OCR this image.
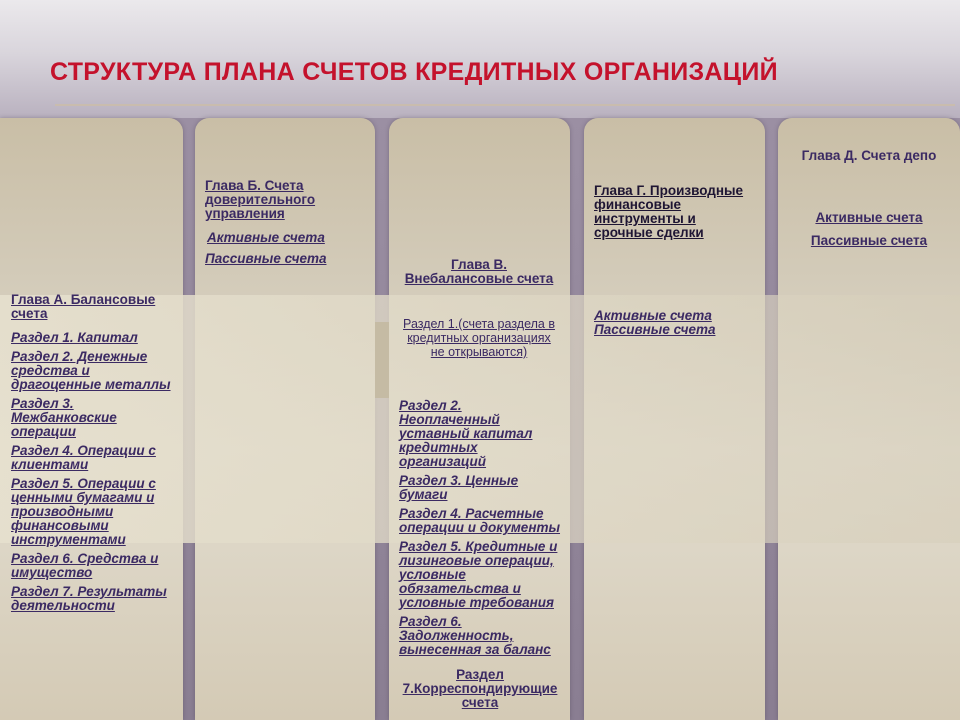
СТРУКТУРА ПЛАНА СЧЕТОВ КРЕДИТНЫХ ОРГАНИЗАЦИЙ
Глава А. Балансовые счета
Раздел 1. Капитал
Раздел 2. Денежные средства и драгоценные металлы
Раздел 3. Межбанковские операции
Раздел 4. Операции с клиентами
Раздел 5. Операции с ценными бумагами и производными финансовыми инструментами
Раздел 6. Средства и имущество
Раздел 7. Результаты деятельности
Глава Б. Счета доверительного управления
Активные счета
Пассивные счета	Глава В. Внебалансовые счета
Раздел 1.(счета раздела в кредитных организациях не открываются)
Раздел 2. Неоплаченный уставный капитал кредитных организаций
Раздел 3. Ценные бумаги
Раздел 4. Расчетные операции и документы
Раздел 5. Кредитные и лизинговые операции, условные обязательства и условные требования
Раздел 6. Задолженность, вынесенная за баланс
Раздел 7.Корреспондирующие счета
Глава Г. Производные финансовые инструменты и срочные сделки
Активные счета
Пассивные счета
Глава Д. Счета депо
Активные счета
Пассивные счета
